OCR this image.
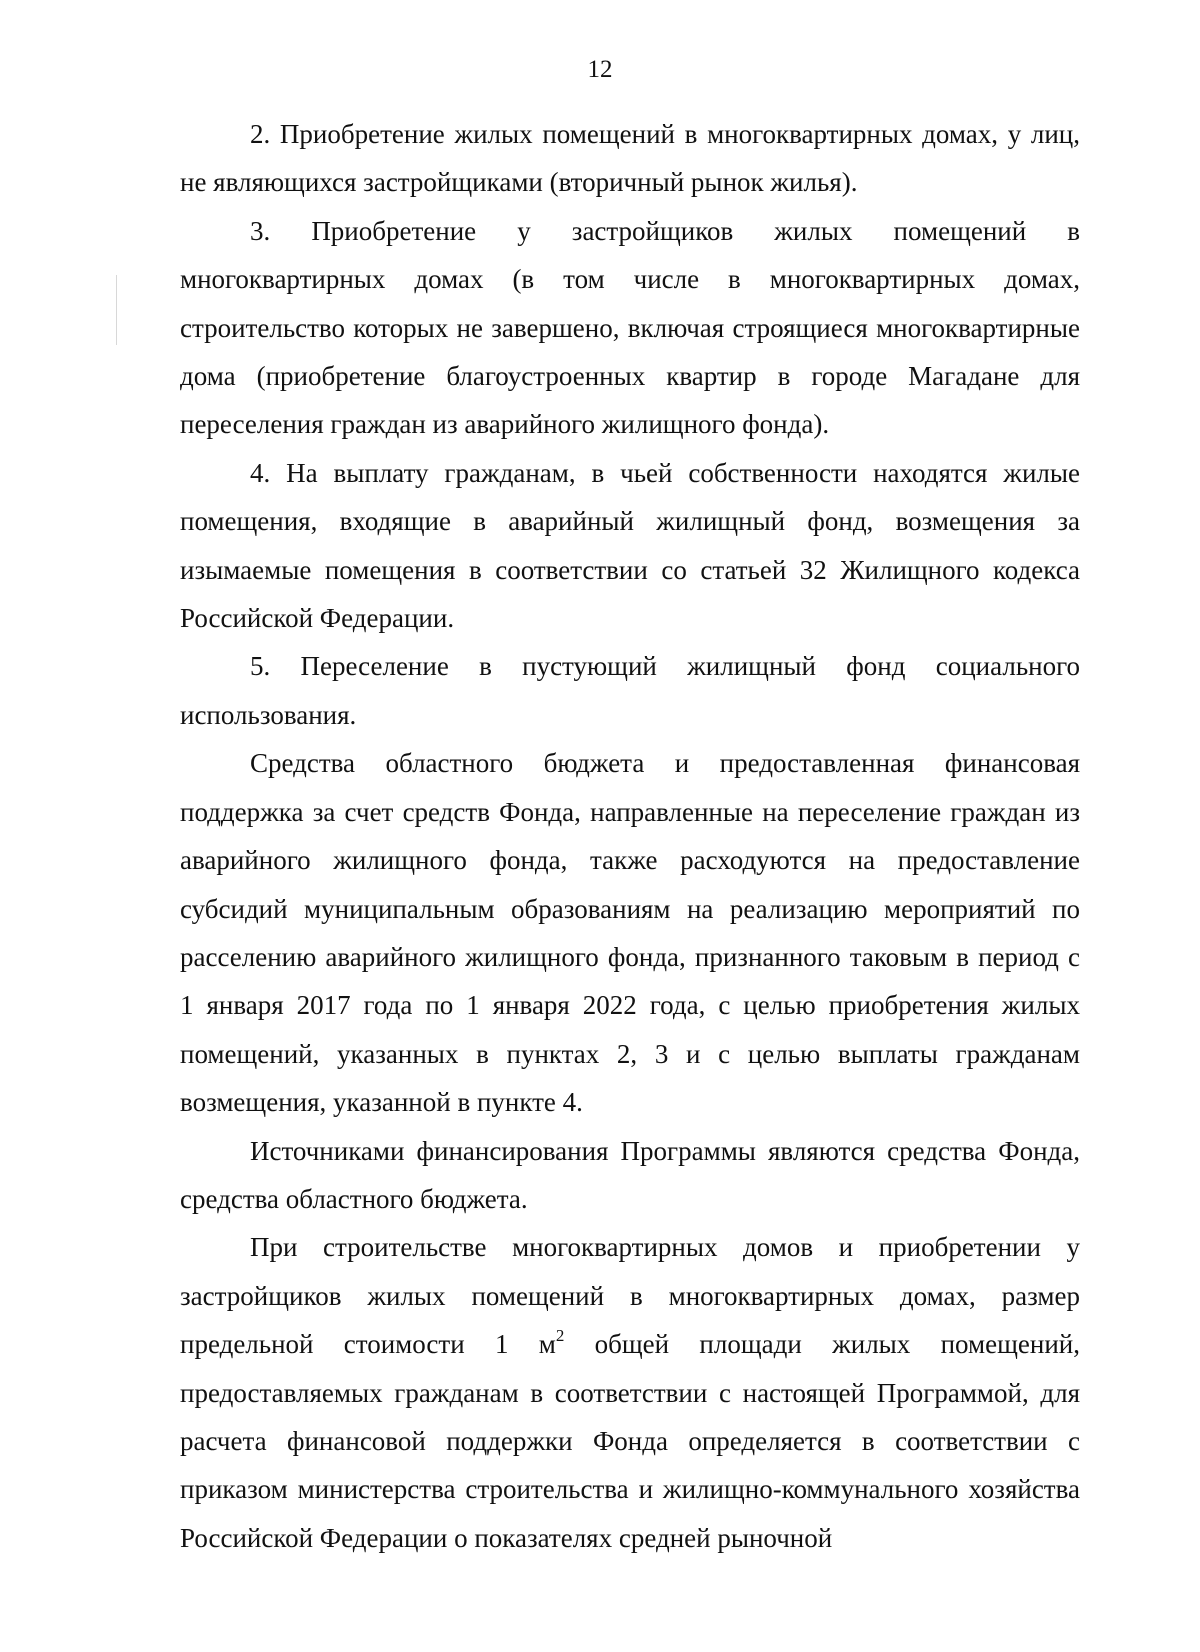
12

2. Приобретение жилых помещений в многоквартирных домах, у лиц, не являющихся застройщиками (вторичный рынок жилья).

3. Приобретение у застройщиков жилых помещений в многоквартирных домах (в том числе в многоквартирных домах, строительство которых не завершено, включая строящиеся многоквартирные дома (приобретение благоустроенных квартир в городе Магадане для переселения граждан из аварийного жилищного фонда).

4. На выплату гражданам, в чьей собственности находятся жилые помещения, входящие в аварийный жилищный фонд, возмещения за изымаемые помещения в соответствии со статьей 32 Жилищного кодекса Российской Федерации.

5. Переселение в пустующий жилищный фонд социального использования.

Средства областного бюджета и предоставленная финансовая поддержка за счет средств Фонда, направленные на переселение граждан из аварийного жилищного фонда, также расходуются на предоставление субсидий муниципальным образованиям на реализацию мероприятий по расселению аварийного жилищного фонда, признанного таковым в период с 1 января 2017 года по 1 января 2022 года, с целью приобретения жилых помещений, указанных в пунктах 2, 3 и с целью выплаты гражданам возмещения, указанной в пункте 4.

Источниками финансирования Программы являются средства Фонда, средства областного бюджета.

При строительстве многоквартирных домов и приобретении у застройщиков жилых помещений в многоквартирных домах, размер предельной стоимости 1 $м^2$ общей площади жилых помещений, предоставляемых гражданам в соответствии с настоящей Программой, для расчета финансовой поддержки Фонда определяется в соответствии с приказом министерства строительства и жилищно-коммунального хозяйства Российской Федерации о показателях средней рыночной
